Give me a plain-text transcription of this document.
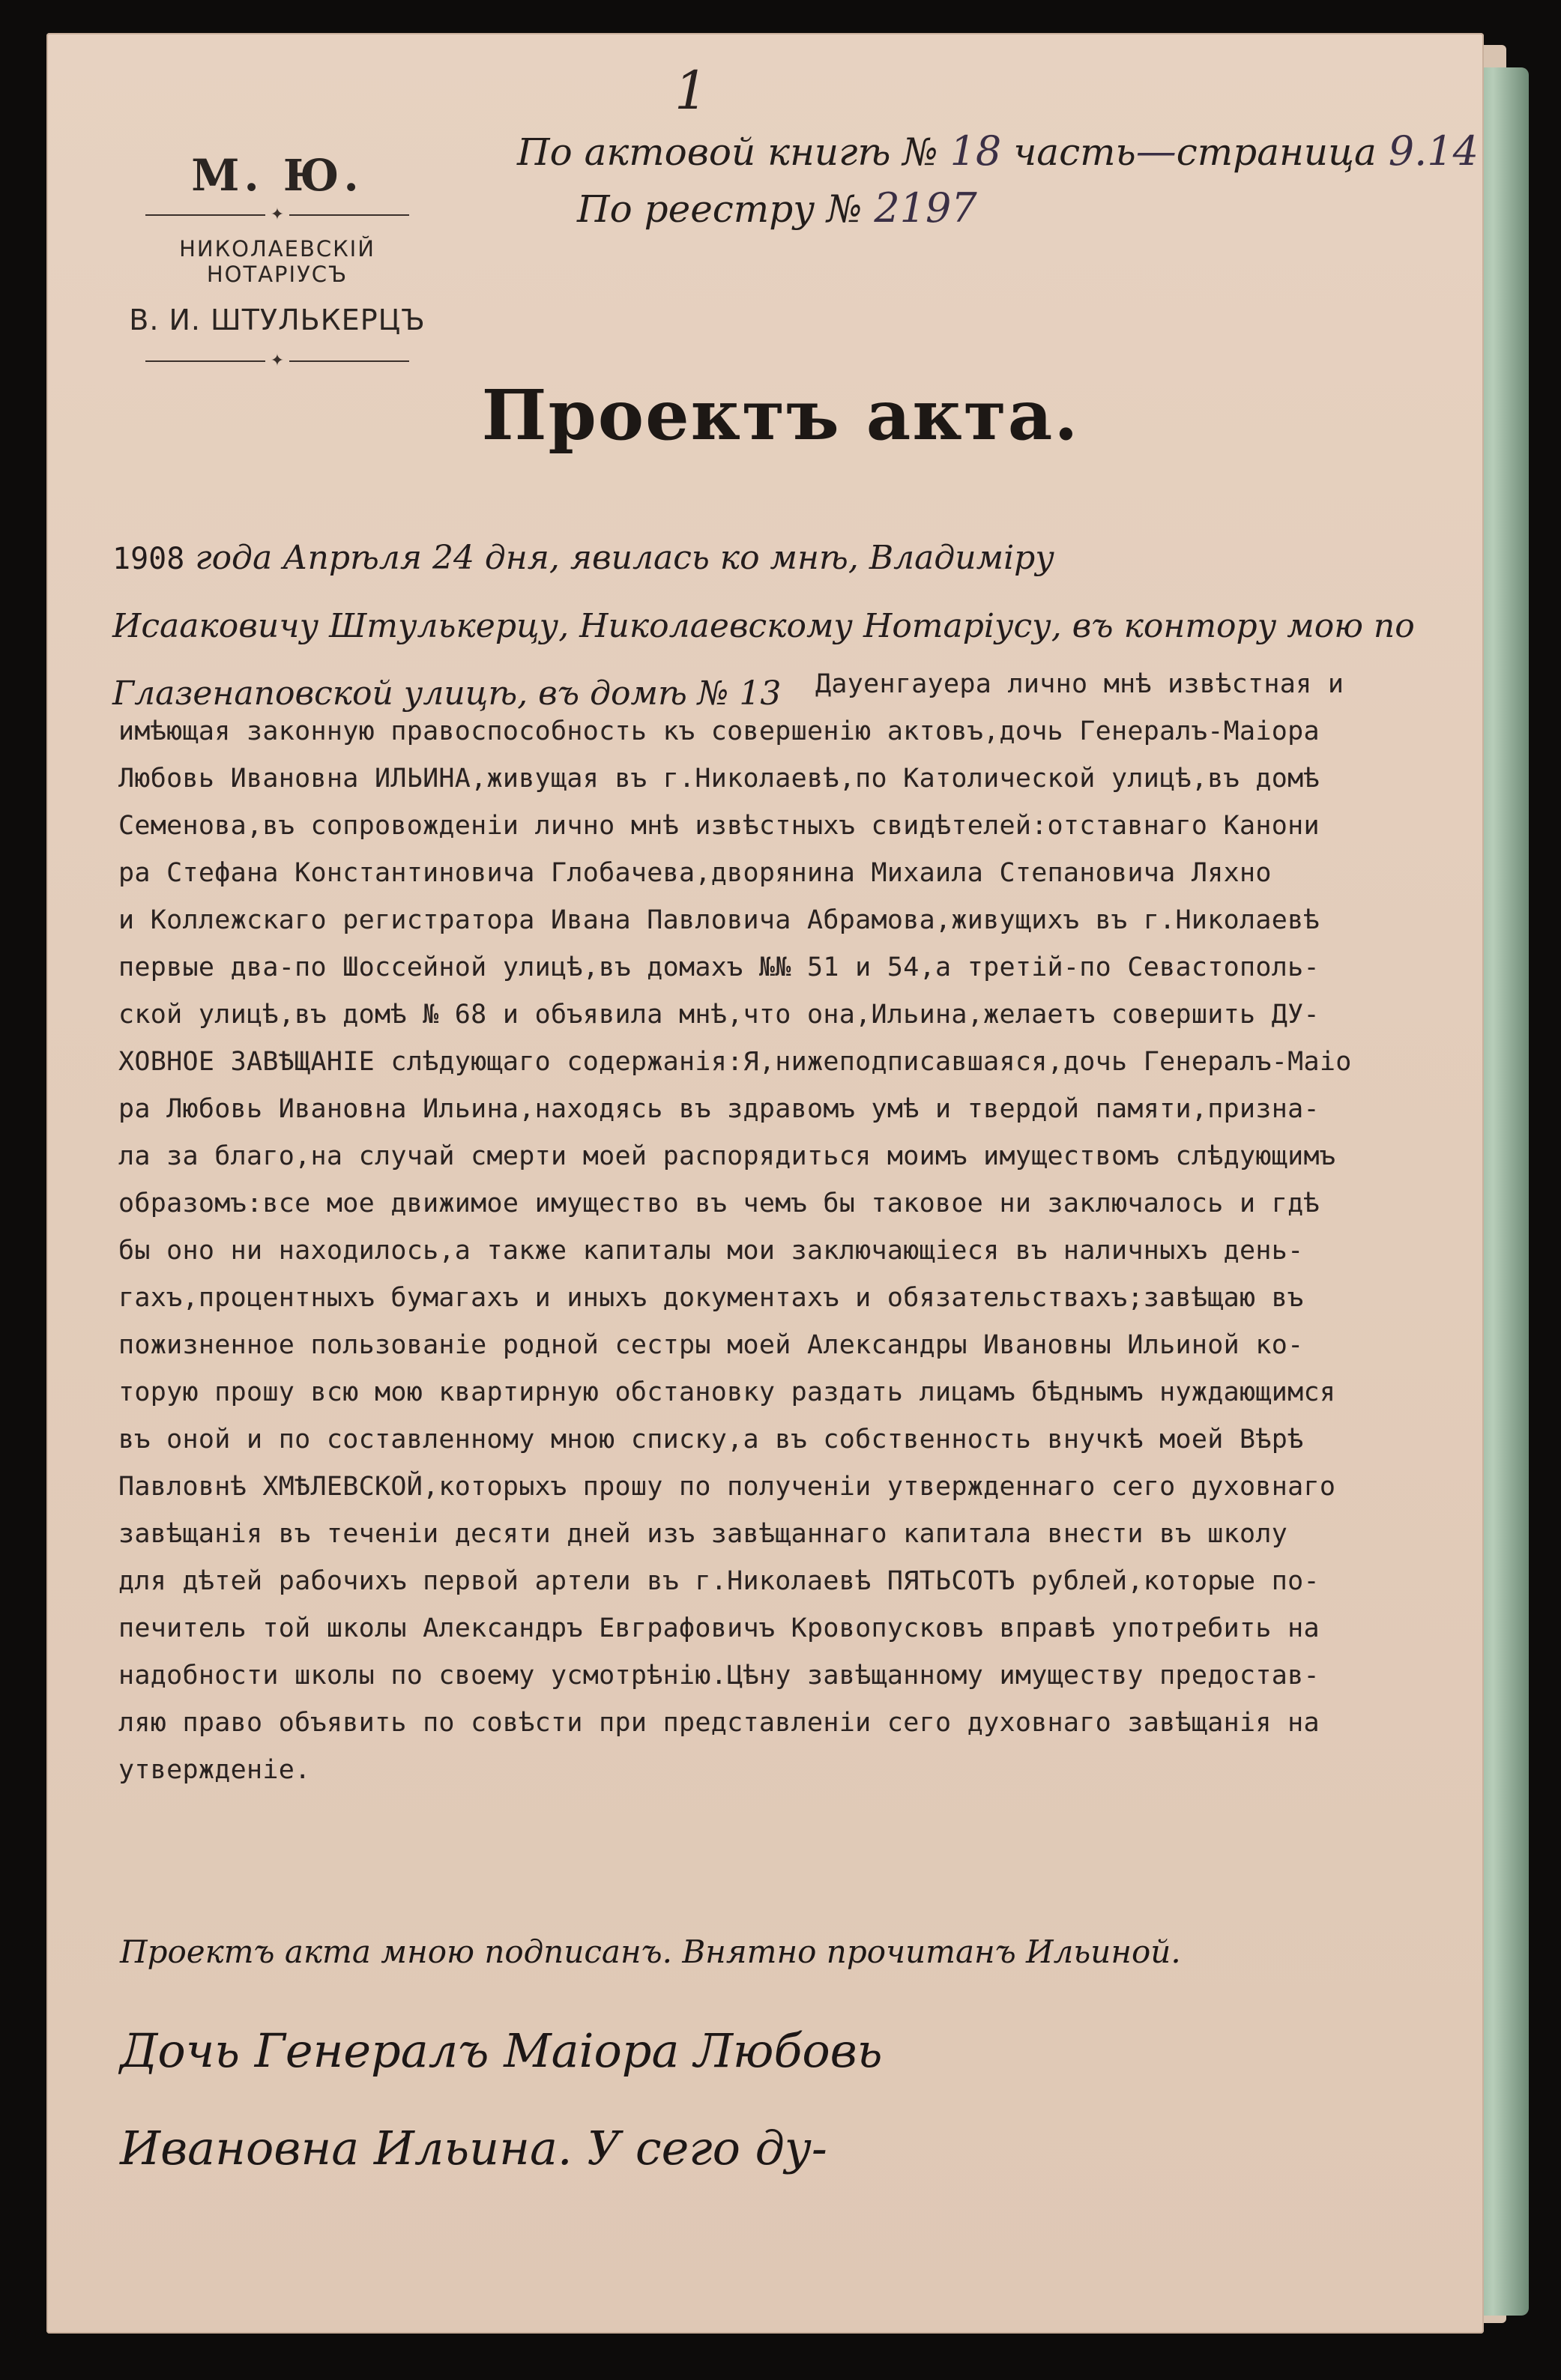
1
М. Ю.
✦
НИКОЛАЕВСКІЙ НОТАРІУСЪ
В. И. ШТУЛЬКЕРЦЪ
✦
По актовой книгѣ № 18 часть—страница 9.14
По реестру № 2197
Проектъ акта.
1908 года Апрѣля 24 дня, явилась ко мнѣ, Владиміру
Исааковичу Штулькерцу, Николаевскому Нотаріусу, въ контору мою по
Глазенаповской улицѣ, въ домѣ № 13	Дауенгауера лично мнѣ извѣстная и
имѣющая законную правоспособность къ совершенію актовъ,дочь Генералъ-Маіора
Любовь Ивановна ИЛЬИНА,живущая въ г.Николаевѣ,по Католической улицѣ,въ домѣ
Семенова,въ сопровожденіи лично мнѣ извѣстныхъ свидѣтелей:отставнаго Канони
ра Стефана Константиновича Глобачева,дворянина Михаила Степановича Ляхно
и Коллежскаго регистратора Ивана Павловича Абрамова,живущихъ въ г.Николаевѣ
первые два-по Шоссейной улицѣ,въ домахъ №№ 51 и 54,а третій-по Севастополь-
ской улицѣ,въ домѣ № 68 и объявила мнѣ,что она,Ильина,желаетъ совершить ДУ-
ХОВНОЕ ЗАВѢЩАНІЕ слѣдующаго содержанія:Я,нижеподписавшаяся,дочь Генералъ-Маіо
ра Любовь Ивановна Ильина,находясь въ здравомъ умѣ и твердой памяти,призна-
ла за благо,на случай смерти моей распорядиться моимъ имуществомъ слѣдующимъ
образомъ:все мое движимое имущество въ чемъ бы таковое ни заключалось и гдѣ
бы оно ни находилось,а также капиталы мои заключающіеся въ наличныхъ день-
гахъ,процентныхъ бумагахъ и иныхъ документахъ и обязательствахъ;завѣщаю въ
пожизненное пользованіе родной сестры моей Александры Ивановны Ильиной ко-
торую прошу всю мою квартирную обстановку раздать лицамъ бѣднымъ нуждающимся
въ оной и по составленному мною списку,а въ собственность внучкѣ моей Вѣрѣ
Павловнѣ ХМѢЛЕВСКОЙ,которыхъ прошу по полученіи утвержденнаго сего духовнаго
завѣщанія въ теченіи десяти дней изъ завѣщаннаго капитала внести въ школу
для дѣтей рабочихъ первой артели въ г.Николаевѣ ПЯТЬСОТЪ рублей,которые по-
печитель той школы Александръ Евграфовичъ Кровопусковъ вправѣ употребить на
надобности школы по своему усмотрѣнію.Цѣну завѣщанному имуществу предостав-
ляю право объявить по совѣсти при представленіи сего духовнаго завѣщанія на
утвержденіе.
Проектъ акта мною подписанъ. Внятно прочитанъ Ильиной.
Дочь Генералъ Маіора Любовь
Ивановна Ильина. У сего ду-
